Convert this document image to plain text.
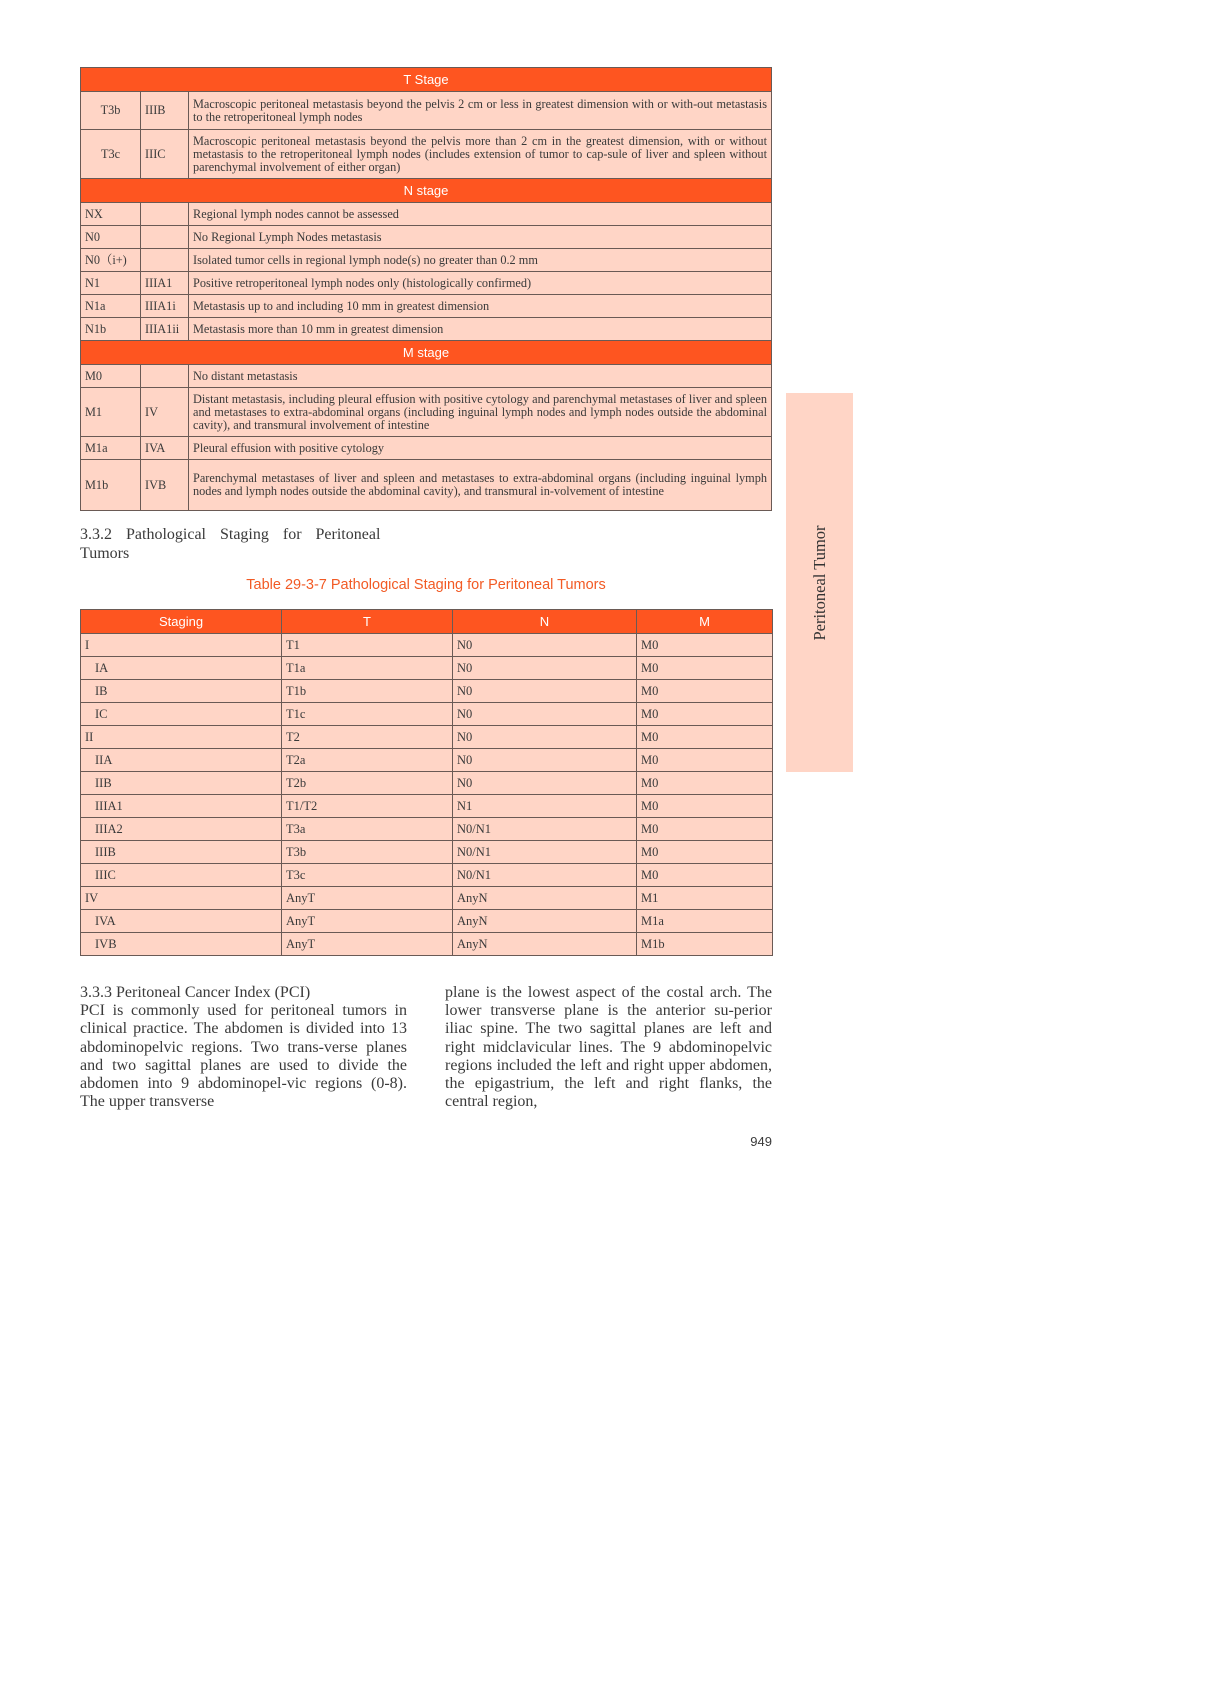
T Stage		
T3b	IIIB	Macroscopic peritoneal metastasis beyond the pelvis 2 cm or less in greatest dimension with or with-out metastasis to the retroperitoneal lymph nodes
T3c	IIIC	Macroscopic peritoneal metastasis beyond the pelvis more than 2 cm in the greatest dimension, with or without metastasis to the retroperitoneal lymph nodes (includes extension of tumor to cap-sule of liver and spleen without parenchymal involvement of either organ)
N stage		
NX		Regional lymph nodes cannot be assessed
N0		No Regional Lymph Nodes metastasis
N0（i+)		Isolated tumor cells in regional lymph node(s) no greater than 0.2 mm
N1	IIIA1	Positive retroperitoneal lymph nodes only (histologically confirmed)
N1a	IIIA1i	Metastasis up to and including 10 mm in greatest dimension
N1b	IIIA1ii	Metastasis more than 10 mm in greatest dimension
M stage		
M0		No distant metastasis
M1	IV	Distant metastasis, including pleural effusion with positive cytology and parenchymal metastases of liver and spleen and metastases to extra-abdominal organs (including inguinal lymph nodes and lymph nodes outside the abdominal cavity), and transmural involvement of intestine
M1a	IVA	Pleural effusion with positive cytology
M1b	IVB	Parenchymal metastases of liver and spleen and metastases to extra-abdominal organs (including inguinal lymph nodes and lymph nodes outside the abdominal cavity), and transmural in-volvement of intestine
3.3.2 Pathological Staging for Peritoneal
Tumors
Table 29-3-7 Pathological Staging for Peritoneal Tumors
Staging	T	N	M
I	T1	N0	M0
IA	T1a	N0	M0
IB	T1b	N0	M0
IC	T1c	N0	M0
II	T2	N0	M0
IIA	T2a	N0	M0
IIB	T2b	N0	M0
IIIA1	T1/T2	N1	M0
IIIA2	T3a	N0/N1	M0
IIIB	T3b	N0/N1	M0
IIIC	T3c	N0/N1	M0
IV	AnyT	AnyN	M1
IVA	AnyT	AnyN	M1a
IVB	AnyT	AnyN	M1b

3.3.3 Peritoneal Cancer Index (PCI)

PCI is commonly used for peritoneal tumors in clinical practice. The abdomen is divided into 13 abdominopelvic regions. Two trans-verse planes and two sagittal planes are used to divide the abdomen into 9 abdominopel-vic regions (0-8). The upper transverse

plane is the lowest aspect of the costal arch. The lower transverse plane is the anterior su-perior iliac spine. The two sagittal planes are left and right midclavicular lines. The 9 abdominopelvic regions included the left and right upper abdomen, the epigastrium, the left and right flanks, the central region,

949
Peritoneal Tumor
